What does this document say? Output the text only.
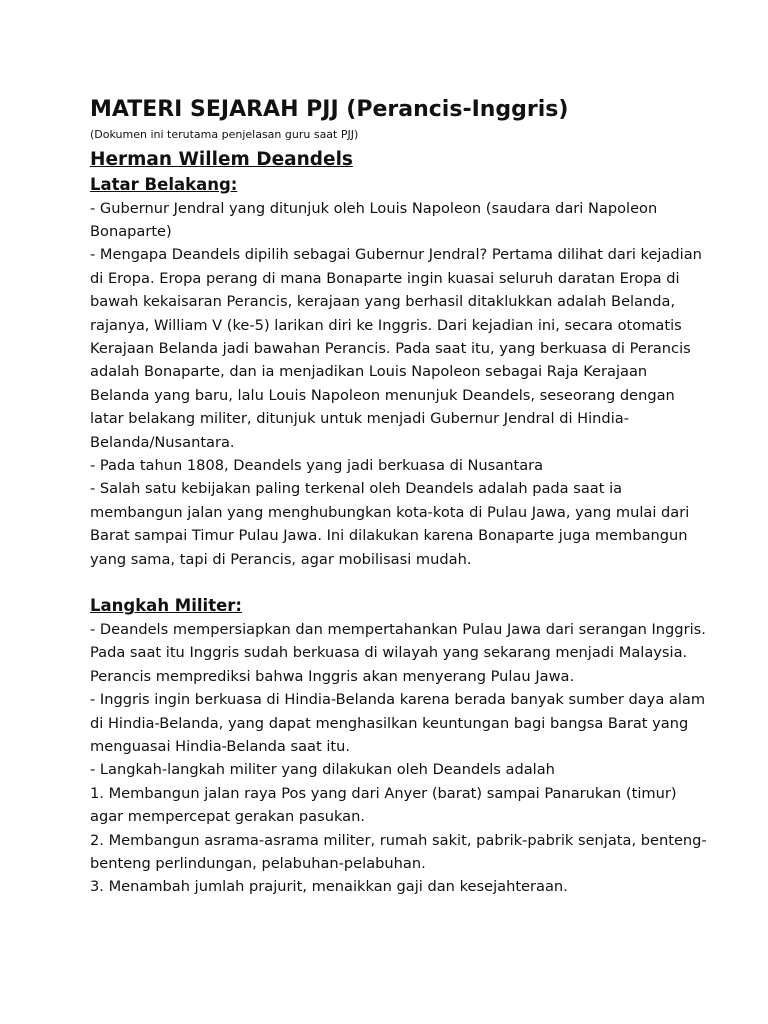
MATERI SEJARAH PJJ (Perancis-Inggris)

(Dokumen ini terutama penjelasan guru saat PJJ)

Herman Willem Deandels
Latar Belakang:

- Gubernur Jendral yang ditunjuk oleh Louis Napoleon (saudara dari Napoleon Bonaparte)

- Mengapa Deandels dipilih sebagai Gubernur Jendral? Pertama dilihat dari kejadian di Eropa. Eropa perang di mana Bonaparte ingin kuasai seluruh daratan Eropa di bawah kekaisaran Perancis, kerajaan yang berhasil ditaklukkan adalah Belanda, rajanya, William V (ke-5) larikan diri ke Inggris. Dari kejadian ini, secara otomatis Kerajaan Belanda jadi bawahan Perancis. Pada saat itu, yang berkuasa di Perancis adalah Bonaparte, dan ia menjadikan Louis Napoleon sebagai Raja Kerajaan Belanda yang baru, lalu Louis Napoleon menunjuk Deandels, seseorang dengan latar belakang militer, ditunjuk untuk menjadi Gubernur Jendral di Hindia-Belanda/Nusantara.

- Pada tahun 1808, Deandels yang jadi berkuasa di Nusantara

- Salah satu kebijakan paling terkenal oleh Deandels adalah pada saat ia membangun jalan yang menghubungkan kota-kota di Pulau Jawa, yang mulai dari Barat sampai Timur Pulau Jawa. Ini dilakukan karena Bonaparte juga membangun yang sama, tapi di Perancis, agar mobilisasi mudah.

Langkah Militer:

- Deandels mempersiapkan dan mempertahankan Pulau Jawa dari serangan Inggris. Pada saat itu Inggris sudah berkuasa di wilayah yang sekarang menjadi Malaysia. Perancis memprediksi bahwa Inggris akan menyerang Pulau Jawa.

- Inggris ingin berkuasa di Hindia-Belanda karena berada banyak sumber daya alam di Hindia-Belanda, yang dapat menghasilkan keuntungan bagi bangsa Barat yang menguasai Hindia-Belanda saat itu.

- Langkah-langkah militer yang dilakukan oleh Deandels adalah

1. Membangun jalan raya Pos yang dari Anyer (barat) sampai Panarukan (timur) agar mempercepat gerakan pasukan.

2. Membangun asrama-asrama militer, rumah sakit, pabrik-pabrik senjata, benteng-benteng perlindungan, pelabuhan-pelabuhan.

3. Menambah jumlah prajurit, menaikkan gaji dan kesejahteraan.
